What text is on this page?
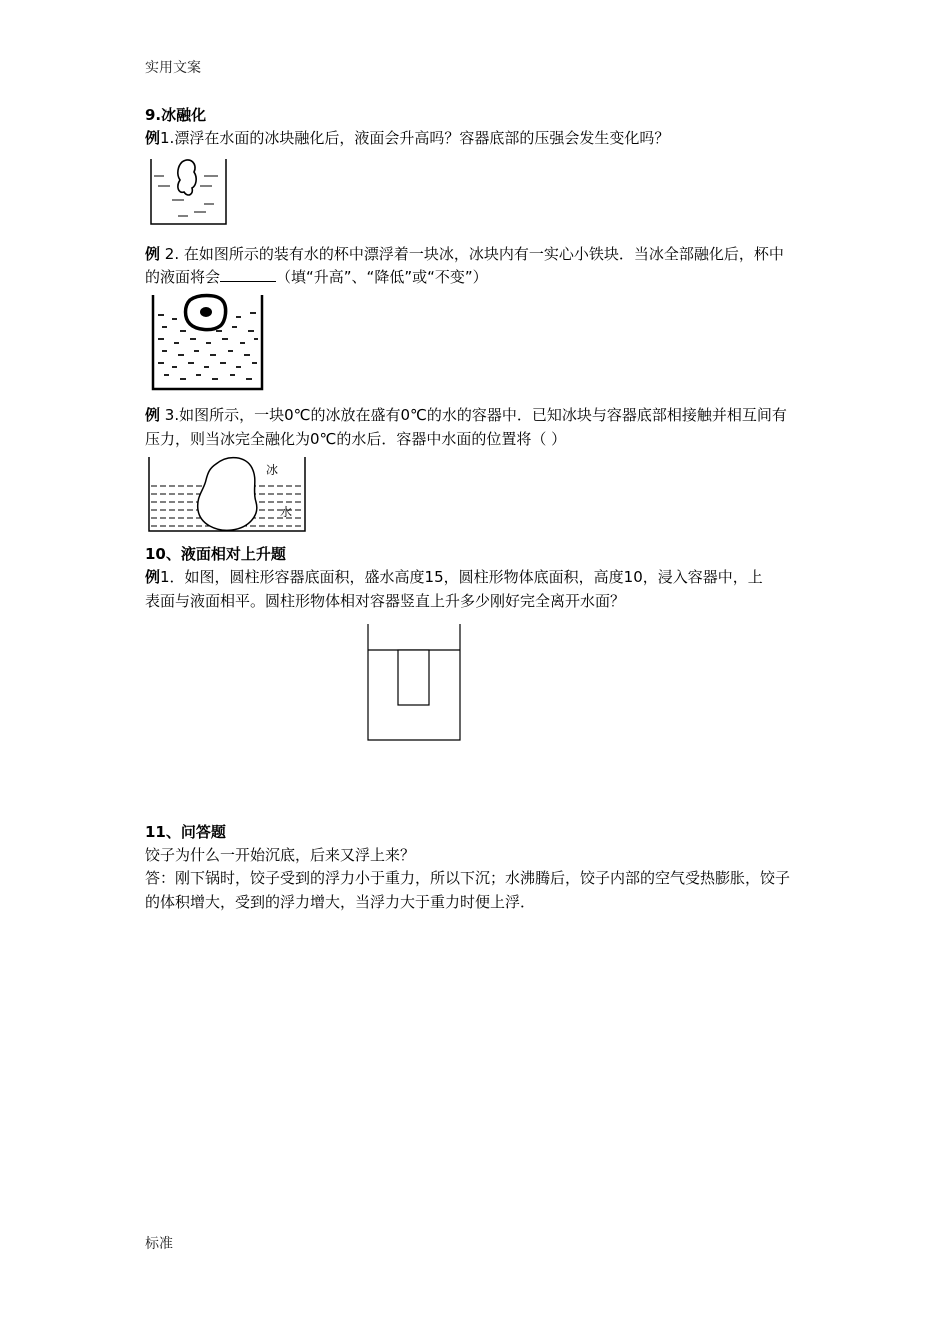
实用文案
9.冰融化
例1.漂浮在水面的冰块融化后，液面会升高吗？容器底部的压强会发生变化吗？
例 2. 在如图所示的装有水的杯中漂浮着一块冰，冰块内有一实心小铁块．当冰全部融化后，杯中
的液面将会	（填“升高”、“降低”或“不变”）
例 3.如图所示，一块0℃的冰放在盛有0℃的水的容器中．已知冰块与容器底部相接触并相互间有
压力，则当冰完全融化为0℃的水后．容器中水面的位置将（ ）
冰
水
10、液面相对上升题
例1．如图，圆柱形容器底面积，盛水高度15，圆柱形物体底面积，高度10，浸入容器中，上
表面与液面相平。圆柱形物体相对容器竖直上升多少刚好完全离开水面？
11、问答题
饺子为什么一开始沉底，后来又浮上来？
答：刚下锅时，饺子受到的浮力小于重力，所以下沉；水沸腾后，饺子内部的空气受热膨胀，饺子
的体积增大，受到的浮力增大，当浮力大于重力时便上浮．
标准
